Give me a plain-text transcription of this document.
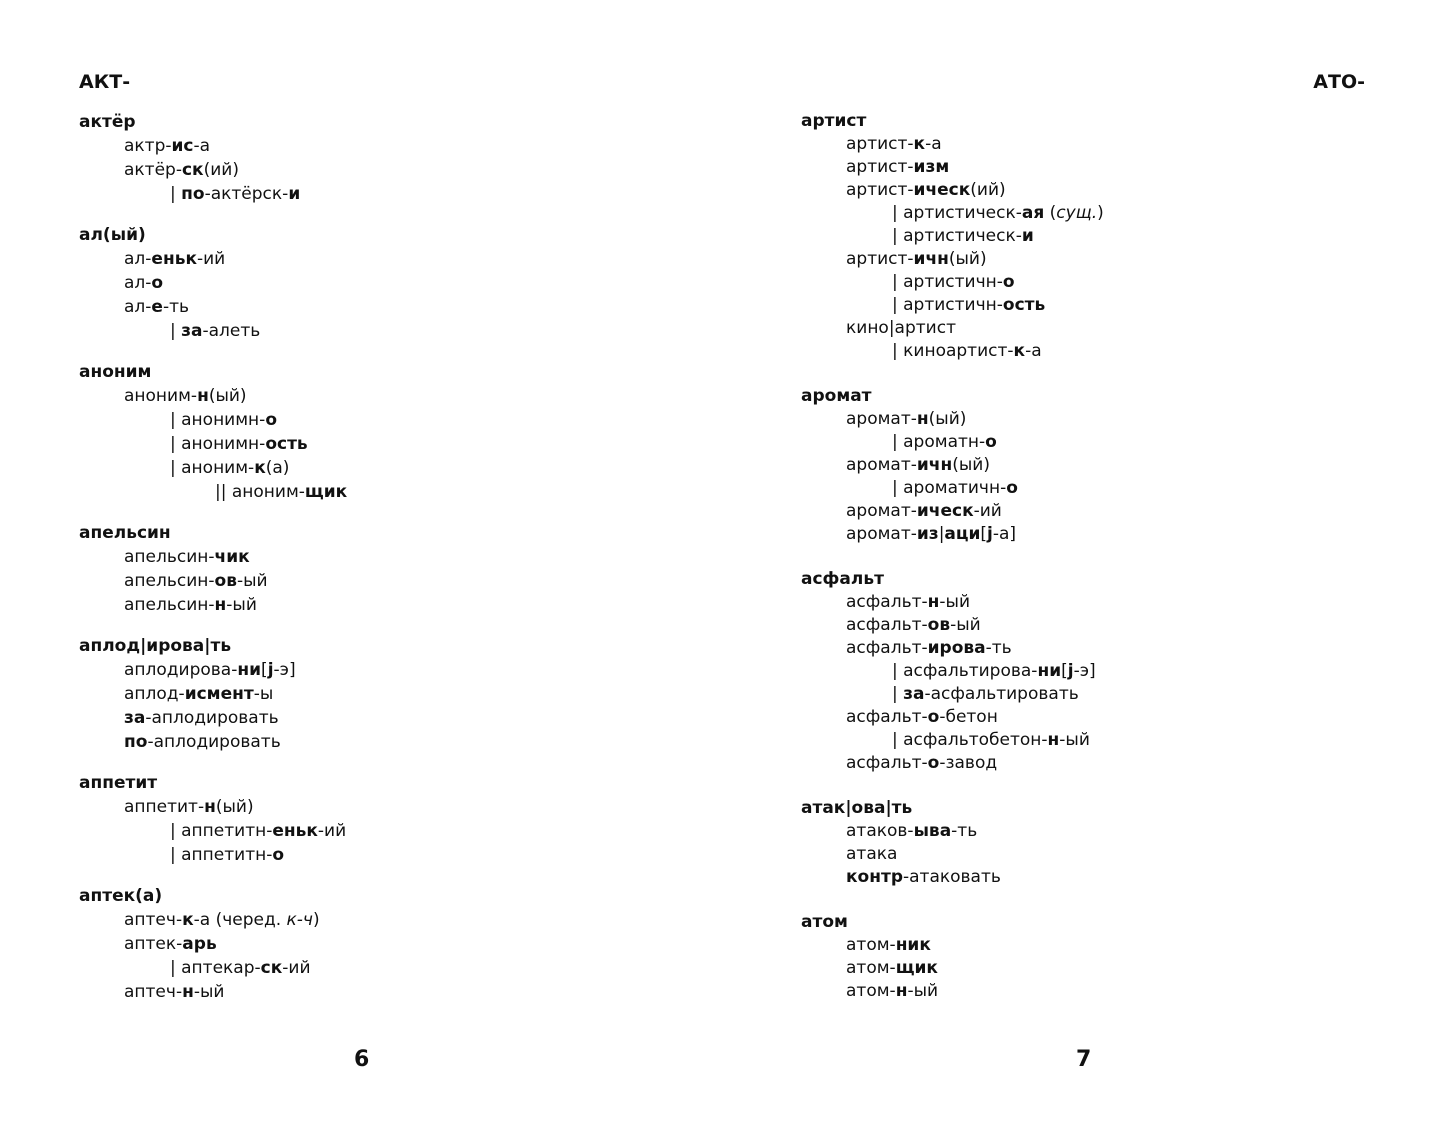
АКТ-	АТО-
актёр
актр-ис-а
актёр-ск(ий)
| по-актёрск-и
ал(ый)
ал-еньк-ий
ал-о
ал-е-ть
| за-алеть
аноним
аноним-н(ый)
| анонимн-о
| анонимн-ость
| аноним-к(а)
|| аноним-щик
апельсин
апельсин-чик
апельсин-ов-ый
апельсин-н-ый
аплод|ирова|ть
аплодирова-ни[j-э]
аплод-исмент-ы
за-аплодировать
по-аплодировать
аппетит
аппетит-н(ый)
| аппетитн-еньк-ий
| аппетитн-о
аптек(а)
аптеч-к-а (черед. к-ч)
аптек-арь
| аптекар-ск-ий
аптеч-н-ый
артист
артист-к-а
артист-изм
артист-ическ(ий)
| артистическ-ая (сущ.)
| артистическ-и
артист-ичн(ый)
| артистичн-о
| артистичн-ость
кино|артист
| киноартист-к-а
аромат
аромат-н(ый)
| ароматн-о
аромат-ичн(ый)
| ароматичн-о
аромат-ическ-ий
аромат-из|аци[j-а]
асфальт
асфальт-н-ый
асфальт-ов-ый
асфальт-ирова-ть
| асфальтирова-ни[j-э]
| за-асфальтировать
асфальт-о-бетон
| асфальтобетон-н-ый
асфальт-о-завод
атак|ова|ть
атаков-ыва-ть
атака
контр-атаковать
атом
атом-ник
атом-щик
атом-н-ый
6	7
